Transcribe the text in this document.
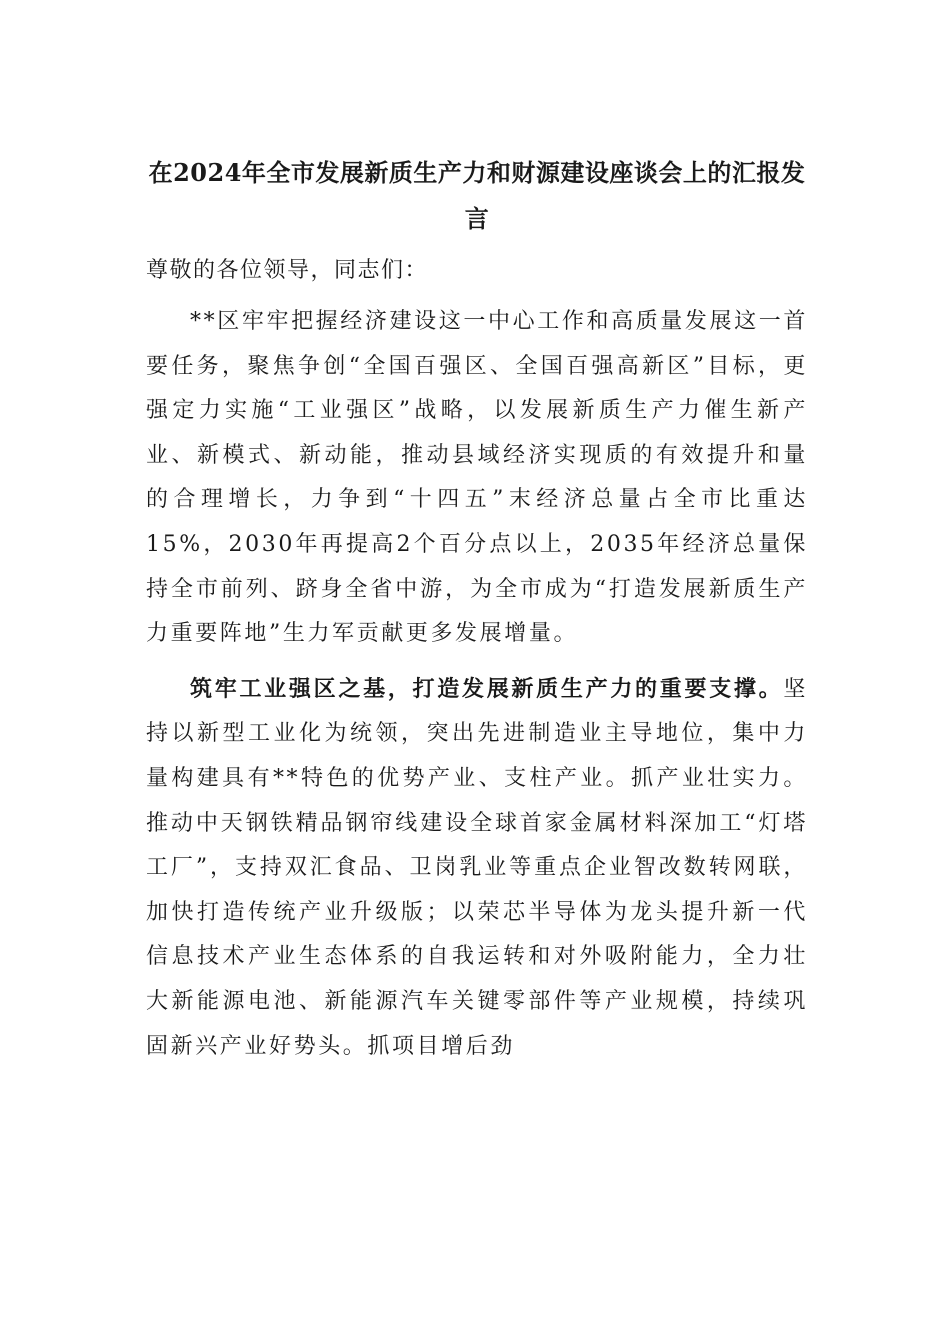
在2024年全市发展新质生产力和财源建设座谈会上的汇报发言

尊敬的各位领导，同志们：

**区牢牢把握经济建设这一中心工作和高质量发展这一首要任务，聚焦争创“全国百强区、全国百强高新区”目标，更强定力实施“工业强区”战略，以发展新质生产力催生新产业、新模式、新动能，推动县域经济实现质的有效提升和量的合理增长，力争到“十四五”末经济总量占全市比重达15%，2030年再提高2个百分点以上，2035年经济总量保持全市前列、跻身全省中游，为全市成为“打造发展新质生产力重要阵地”生力军贡献更多发展增量。

筑牢工业强区之基，打造发展新质生产力的重要支撑。坚持以新型工业化为统领，突出先进制造业主导地位，集中力量构建具有**特色的优势产业、支柱产业。抓产业壮实力。推动中天钢铁精品钢帘线建设全球首家金属材料深加工“灯塔工厂”，支持双汇食品、卫岗乳业等重点企业智改数转网联，加快打造传统产业升级版；以荣芯半导体为龙头提升新一代信息技术产业生态体系的自我运转和对外吸附能力，全力壮大新能源电池、新能源汽车关键零部件等产业规模，持续巩固新兴产业好势头。抓项目增后劲
